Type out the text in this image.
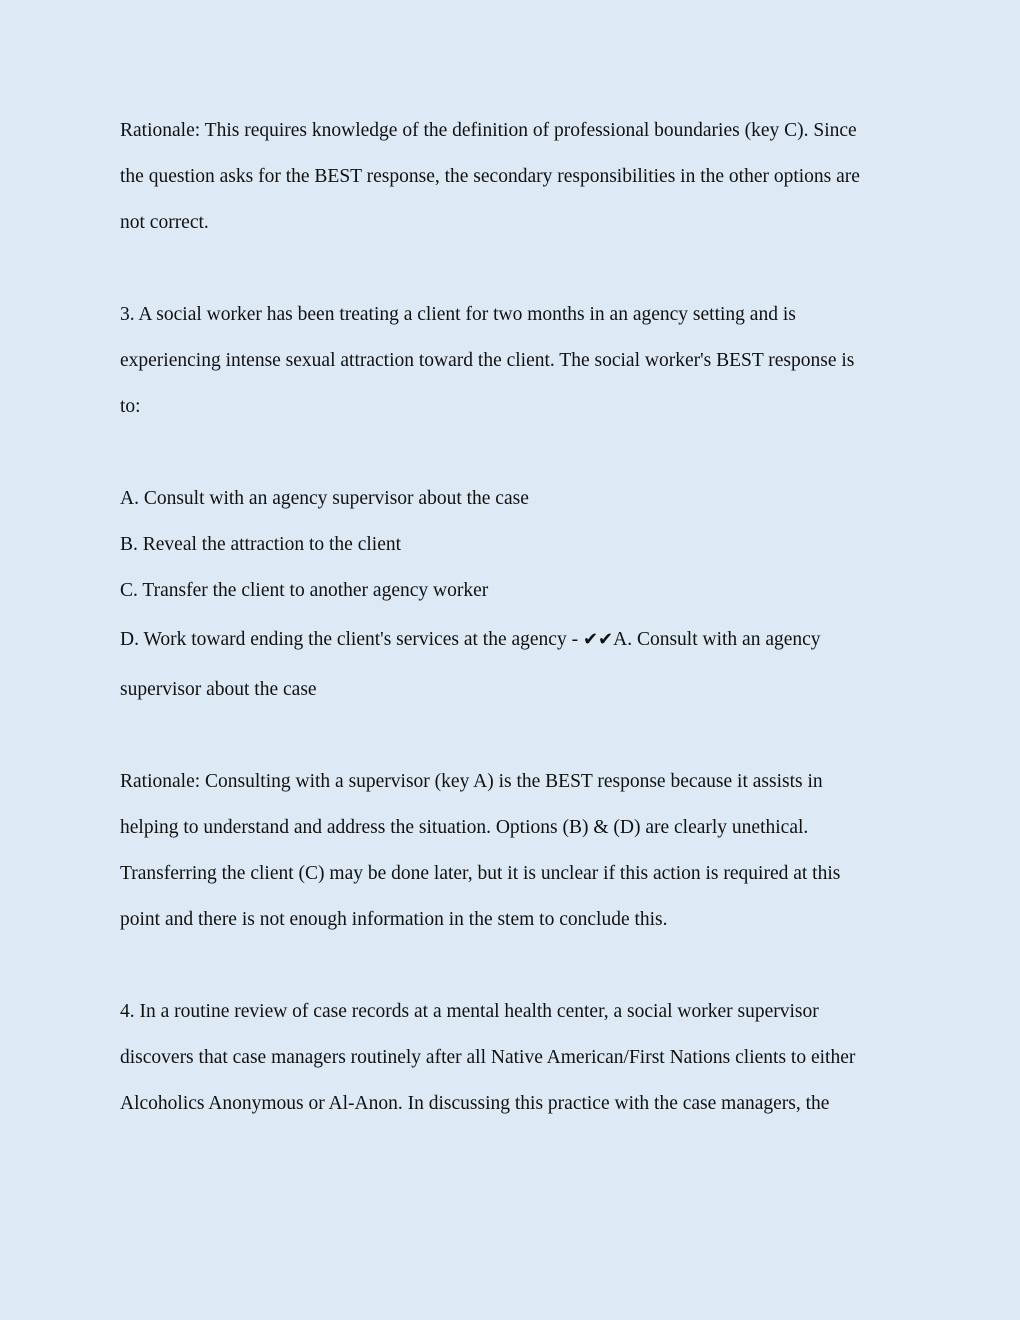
Rationale: This requires knowledge of the definition of professional boundaries (key C). Since
the question asks for the BEST response, the secondary responsibilities in the other options are
not correct.
3. A social worker has been treating a client for two months in an agency setting and is
experiencing intense sexual attraction toward the client. The social worker's BEST response is
to:
A. Consult with an agency supervisor about the case
B. Reveal the attraction to the client
C. Transfer the client to another agency worker
D. Work toward ending the client's services at the agency - ✔✔A. Consult with an agency
supervisor about the case
Rationale: Consulting with a supervisor (key A) is the BEST response because it assists in
helping to understand and address the situation. Options (B) & (D) are clearly unethical.
Transferring the client (C) may be done later, but it is unclear if this action is required at this
point and there is not enough information in the stem to conclude this.
4. In a routine review of case records at a mental health center, a social worker supervisor
discovers that case managers routinely after all Native American/First Nations clients to either
Alcoholics Anonymous or Al-Anon. In discussing this practice with the case managers, the
